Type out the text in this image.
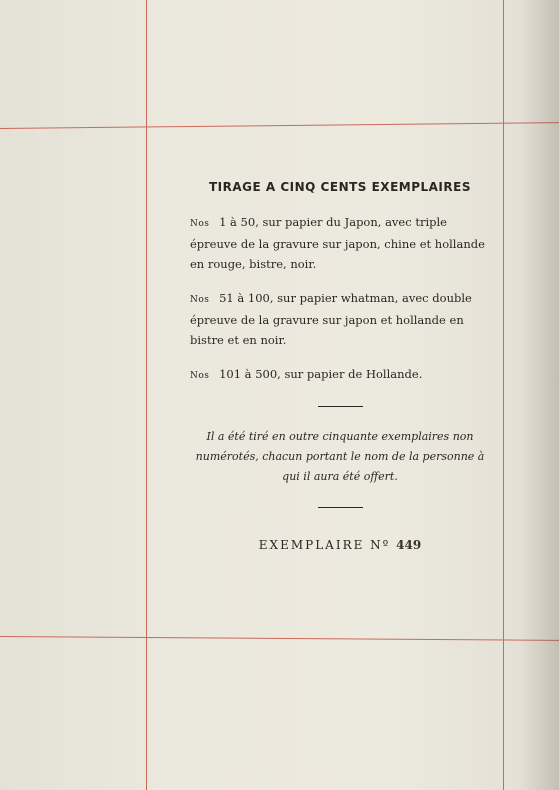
TIRAGE A CINQ CENTS EXEMPLAIRES
Nos 1 à 50, sur papier du Japon, avec triple épreuve de la gravure sur japon, chine et hollande en rouge, bistre, noir.
Nos 51 à 100, sur papier whatman, avec double épreuve de la gravure sur japon et hollande en bistre et en noir.
Nos 101 à 500, sur papier de Hollande.
Il a été tiré en outre cinquante exemplaires non numérotés, chacun portant le nom de la personne à qui il aura été offert.
EXEMPLAIRE Nº 449
